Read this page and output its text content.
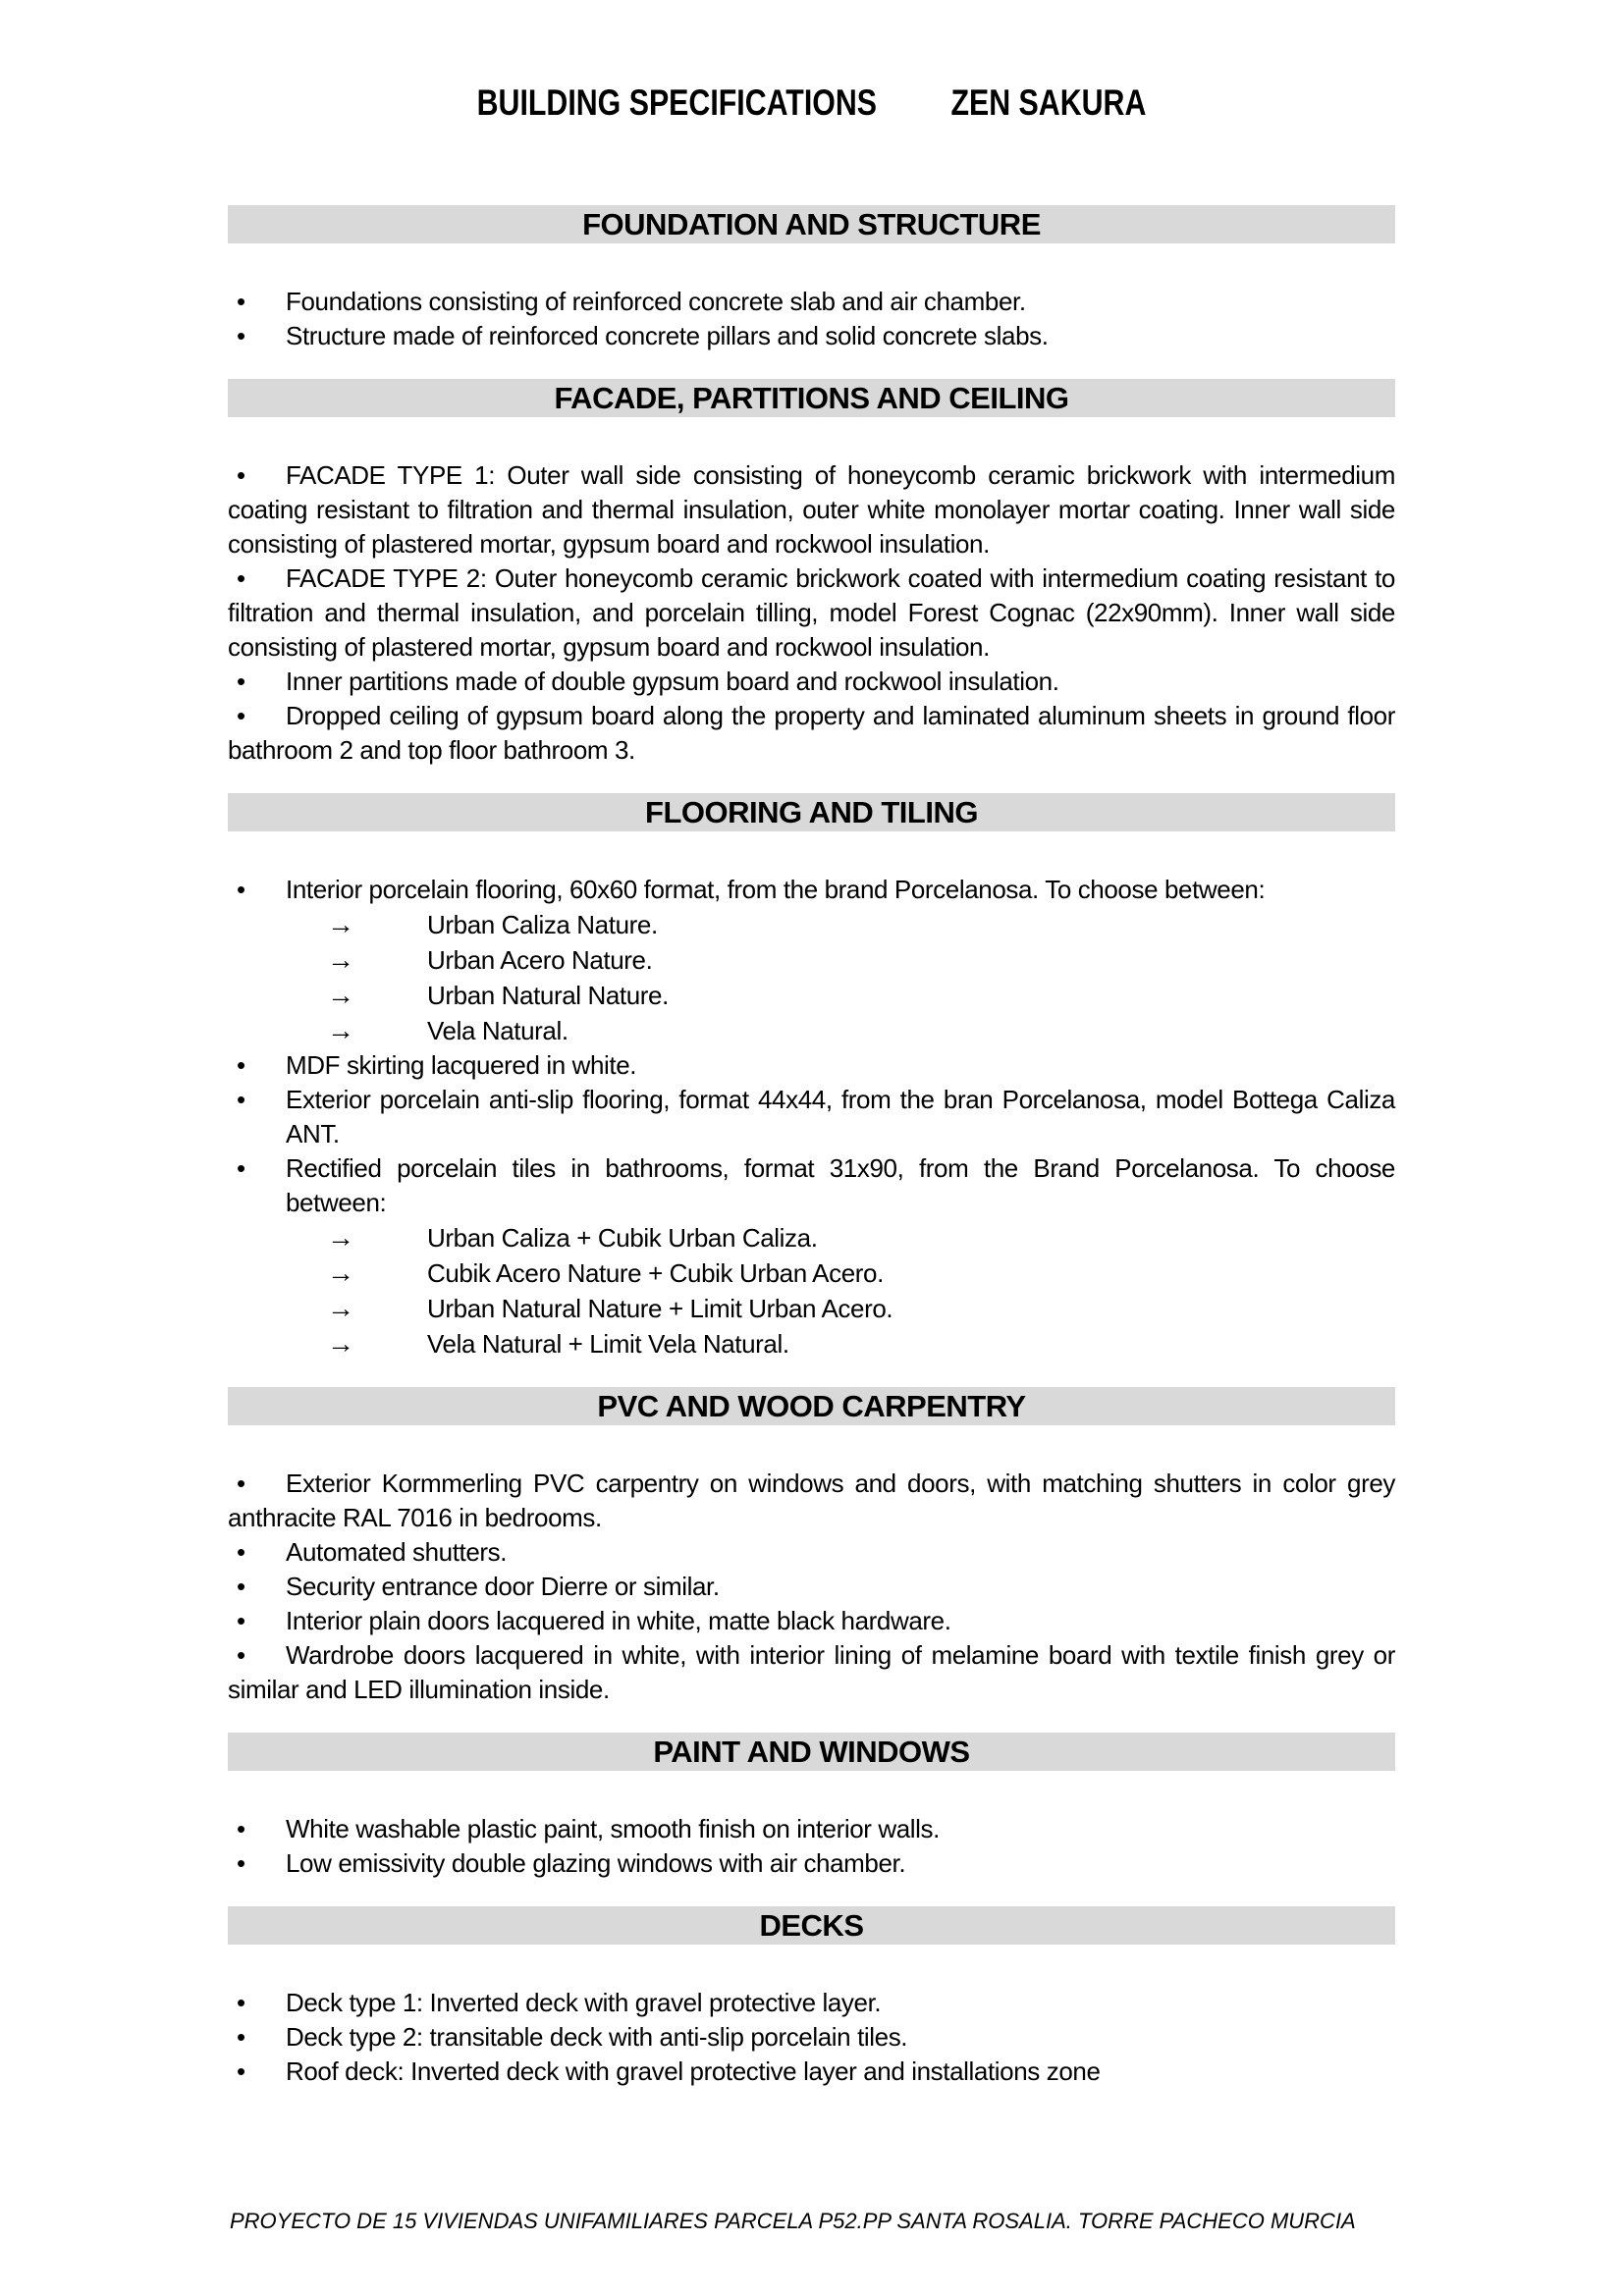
BUILDING SPECIFICATIONS ZEN SAKURA
FOUNDATION AND STRUCTURE

• Foundations consisting of reinforced concrete slab and air chamber.

• Structure made of reinforced concrete pillars and solid concrete slabs.

FACADE, PARTITIONS AND CEILING

• FACADE TYPE 1: Outer wall side consisting of honeycomb ceramic brickwork with intermedium coating resistant to filtration and thermal insulation, outer white monolayer mortar coating. Inner wall side consisting of plastered mortar, gypsum board and rockwool insulation.

• FACADE TYPE 2: Outer honeycomb ceramic brickwork coated with intermedium coating resistant to filtration and thermal insulation, and porcelain tilling, model Forest Cognac (22x90mm). Inner wall side consisting of plastered mortar, gypsum board and rockwool insulation.

• Inner partitions made of double gypsum board and rockwool insulation.

• Dropped ceiling of gypsum board along the property and laminated aluminum sheets in ground floor bathroom 2 and top floor bathroom 3.

FLOORING AND TILING

• Interior porcelain flooring, 60x60 format, from the brand Porcelanosa. To choose between:

→	Urban Caliza Nature.

→	Urban Acero Nature.

→	Urban Natural Nature.

→	Vela Natural.

• MDF skirting lacquered in white.

• Exterior porcelain anti-slip flooring, format 44x44, from the bran Porcelanosa, model Bottega Caliza ANT.

• Rectified porcelain tiles in bathrooms, format 31x90, from the Brand Porcelanosa. To choose between:

→	Urban Caliza + Cubik Urban Caliza.

→	Cubik Acero Nature + Cubik Urban Acero.

→	Urban Natural Nature + Limit Urban Acero.

→	Vela Natural + Limit Vela Natural.

PVC AND WOOD CARPENTRY

• Exterior Kormmerling PVC carpentry on windows and doors, with matching shutters in color grey anthracite RAL 7016 in bedrooms.

• Automated shutters.

• Security entrance door Dierre or similar.

• Interior plain doors lacquered in white, matte black hardware.

• Wardrobe doors lacquered in white, with interior lining of melamine board with textile finish grey or similar and LED illumination inside.

PAINT AND WINDOWS

• White washable plastic paint, smooth finish on interior walls.

• Low emissivity double glazing windows with air chamber.

DECKS

• Deck type 1: Inverted deck with gravel protective layer.

• Deck type 2: transitable deck with anti-slip porcelain tiles.

• Roof deck: Inverted deck with gravel protective layer and installations zone

PROYECTO DE 15 VIVIENDAS UNIFAMILIARES PARCELA P52.PP SANTA ROSALIA. TORRE PACHECO MURCIA
